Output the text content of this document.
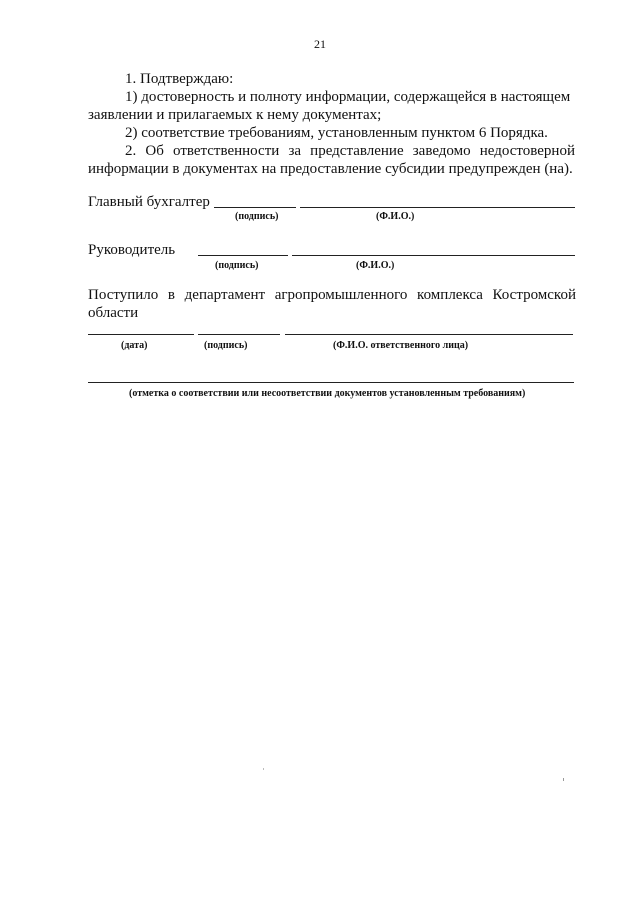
21
1. Подтверждаю:
1) достоверность и полноту информации, содержащейся в настоящем
заявлении и прилагаемых к нему документах;
2) соответствие требованиям, установленным пунктом 6 Порядка.
2. Об ответственности за представление заведомо недостоверной
информации в документах на предоставление субсидии предупрежден (на).
Главный бухгалтер
(подпись)	(Ф.И.О.)
Руководитель
(подпись)	(Ф.И.О.)
Поступило в департамент агропромышленного комплекса Костромской
области
(дата)	(подпись)	(Ф.И.О. ответственного лица)
(отметка о соответствии или несоответствии документов установленным требованиям)
